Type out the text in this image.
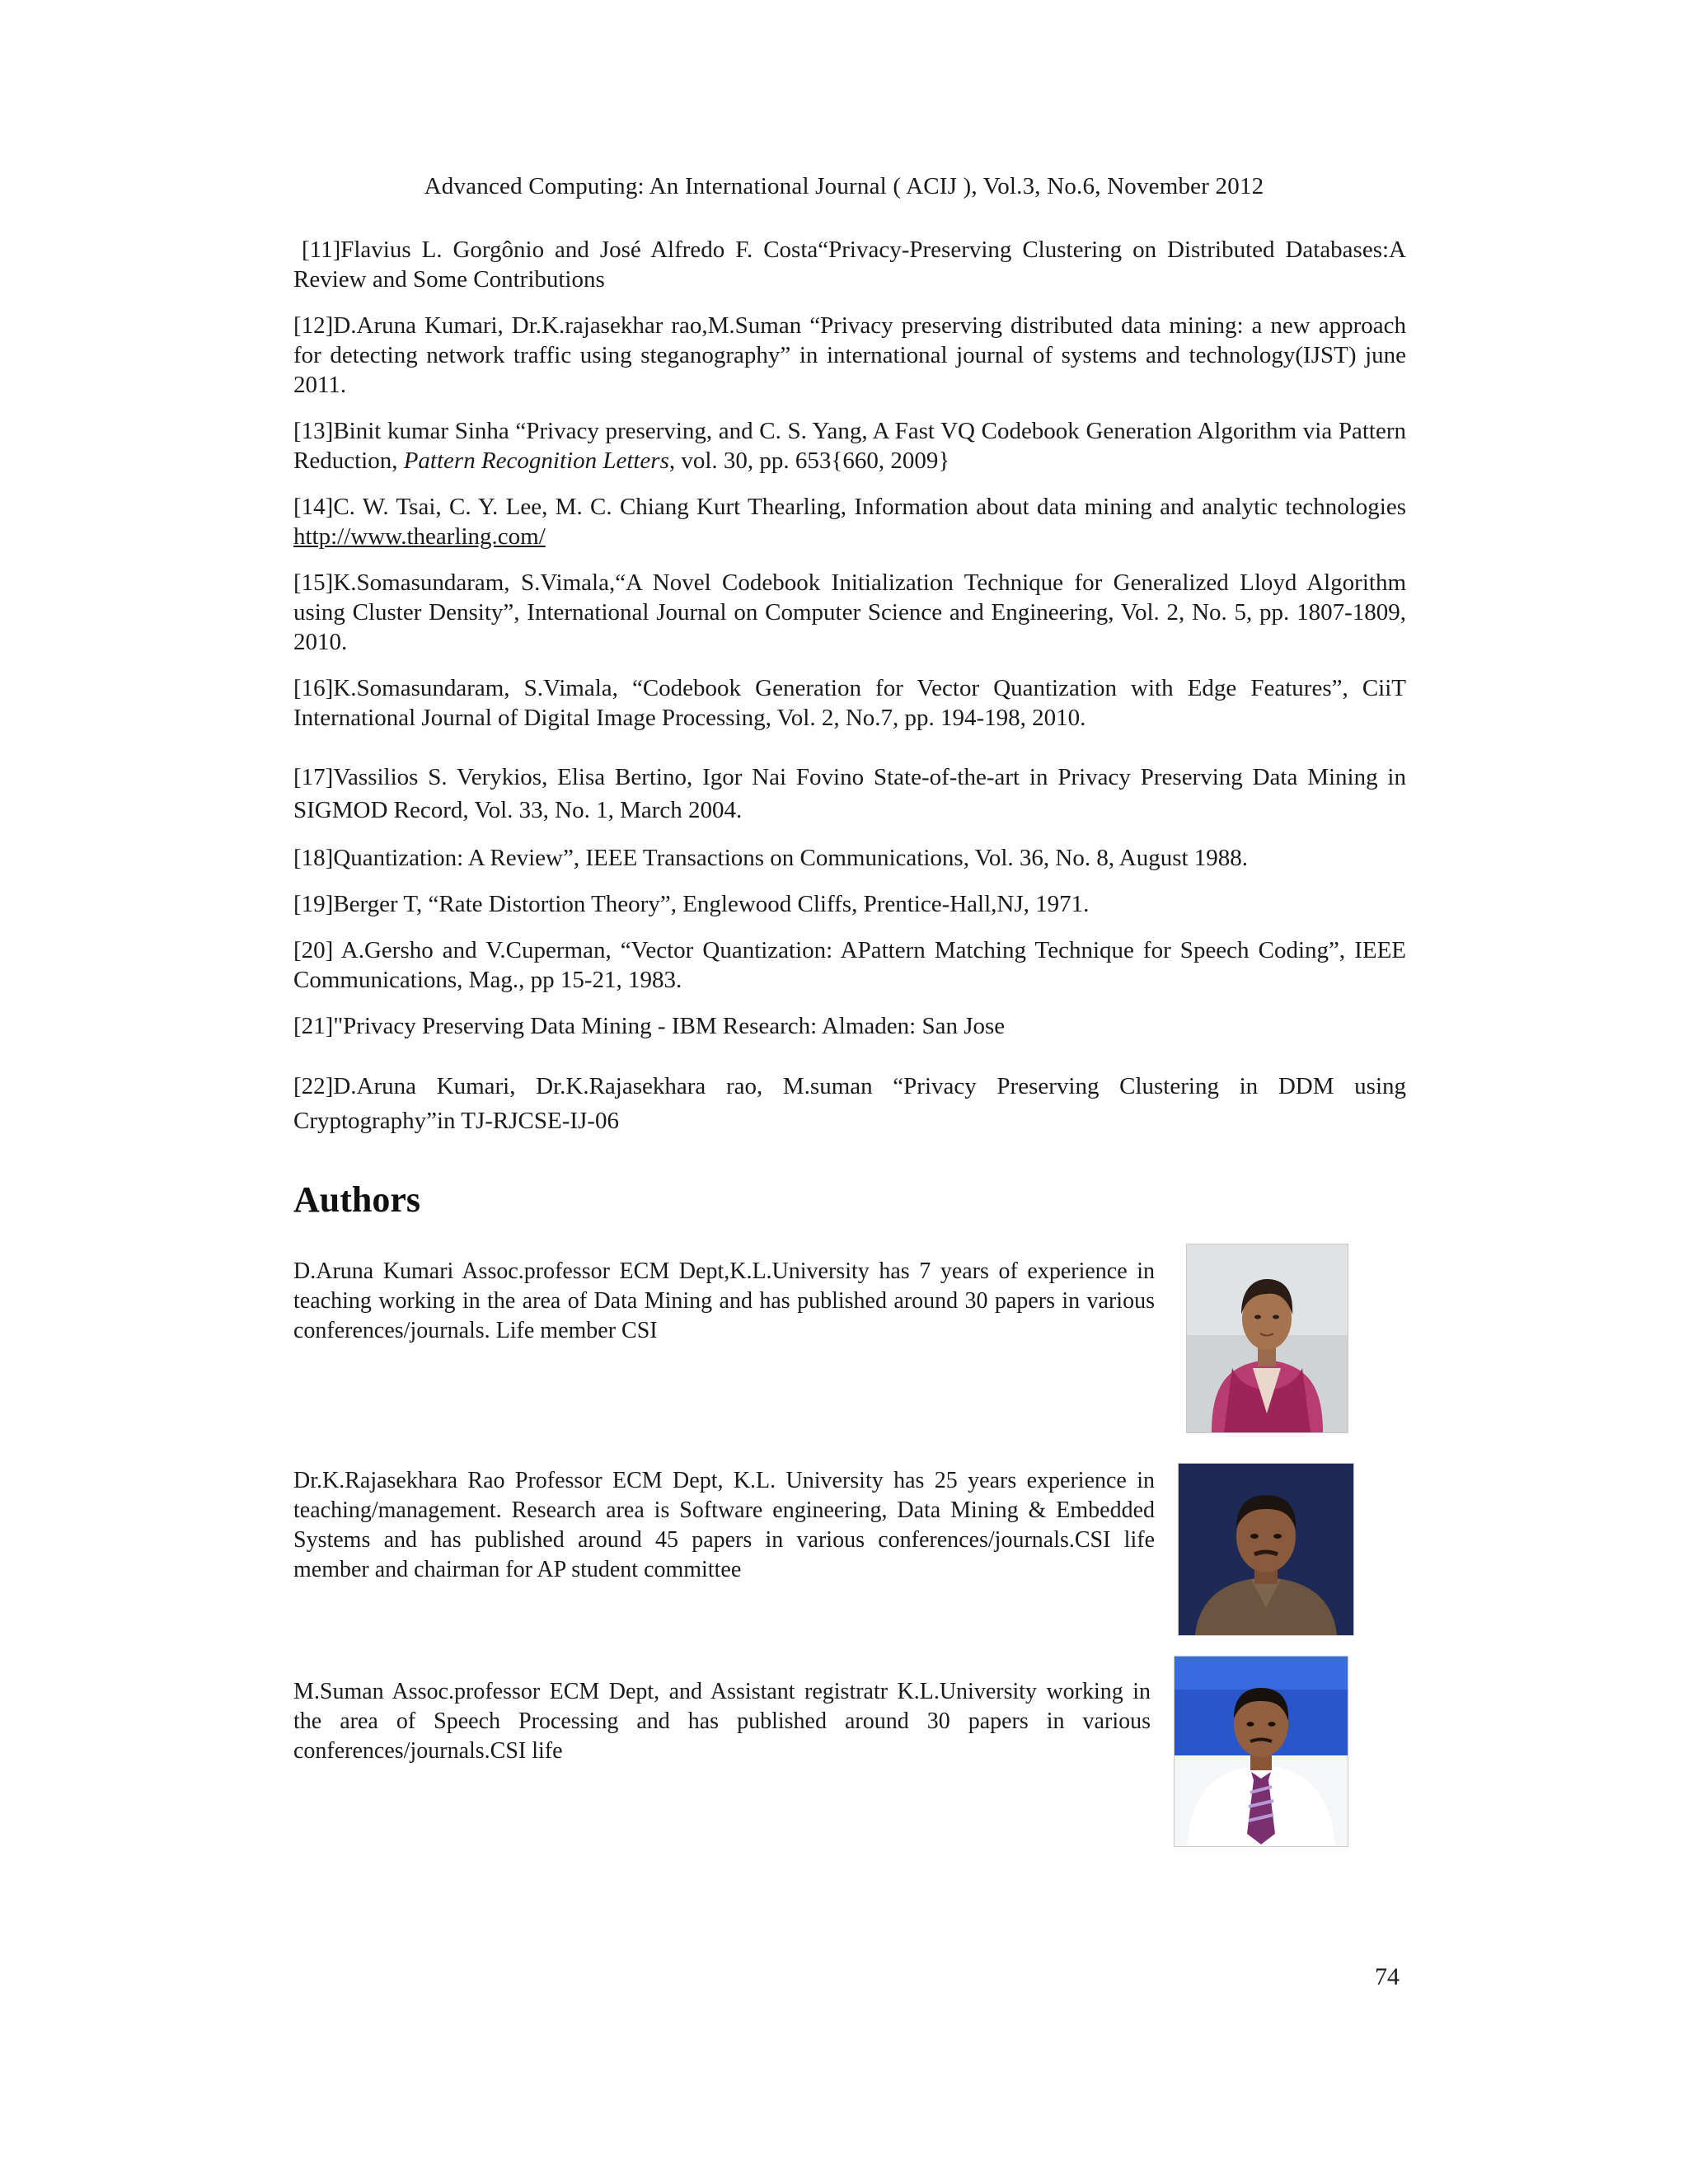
Advanced Computing: An International Journal ( ACIJ ), Vol.3, No.6, November 2012

[11]Flavius L. Gorgônio and José Alfredo F. Costa“Privacy-Preserving Clustering on Distributed Databases:A Review and Some Contributions

[12]D.Aruna Kumari, Dr.K.rajasekhar rao,M.Suman “Privacy preserving distributed data mining: a new approach for detecting network traffic using steganography” in international journal of systems and technology(IJST) june 2011.

[13]Binit kumar Sinha “Privacy preserving, and C. S. Yang, A Fast VQ Codebook Generation Algorithm via Pattern Reduction, Pattern Recognition Letters, vol. 30, pp. 653{660, 2009}

[14]C. W. Tsai, C. Y. Lee, M. C. Chiang Kurt Thearling, Information about data mining and analytic technologies http://www.thearling.com/

[15]K.Somasundaram, S.Vimala,“A Novel Codebook Initialization Technique for Generalized Lloyd Algorithm using Cluster Density”, International Journal on Computer Science and Engineering, Vol. 2, No. 5, pp. 1807-1809, 2010.

[16]K.Somasundaram, S.Vimala, “Codebook Generation for Vector Quantization with Edge Features”, CiiT International Journal of Digital Image Processing, Vol. 2, No.7, pp. 194-198, 2010.

[17]Vassilios S. Verykios, Elisa Bertino, Igor Nai Fovino State-of-the-art in Privacy Preserving Data Mining in SIGMOD Record, Vol. 33, No. 1, March 2004.

[18]Quantization: A Review”, IEEE Transactions on Communications, Vol. 36, No. 8, August 1988.

[19]Berger T, “Rate Distortion Theory”, Englewood Cliffs, Prentice-Hall,NJ, 1971.

[20] A.Gersho and V.Cuperman, “Vector Quantization: APattern Matching Technique for Speech Coding”, IEEE Communications, Mag., pp 15-21, 1983.

[21]"Privacy Preserving Data Mining - IBM Research: Almaden: San Jose

[22]D.Aruna Kumari, Dr.K.Rajasekhara rao, M.suman “Privacy Preserving Clustering in DDM using Cryptography”in TJ-RJCSE-IJ-06

Authors
D.Aruna Kumari Assoc.professor ECM Dept,K.L.University has 7 years of experience in teaching working in the area of Data Mining and has published around 30 papers in various conferences/journals. Life member CSI
Dr.K.Rajasekhara Rao Professor ECM Dept, K.L. University has 25 years experience in teaching/management. Research area is Software engineering, Data Mining & Embedded Systems and has published around 45 papers in various conferences/journals.CSI life member and chairman for AP student committee
M.Suman Assoc.professor ECM Dept, and Assistant registratr K.L.University working in the area of Speech Processing and has published around 30 papers in various conferences/journals.CSI life
74
